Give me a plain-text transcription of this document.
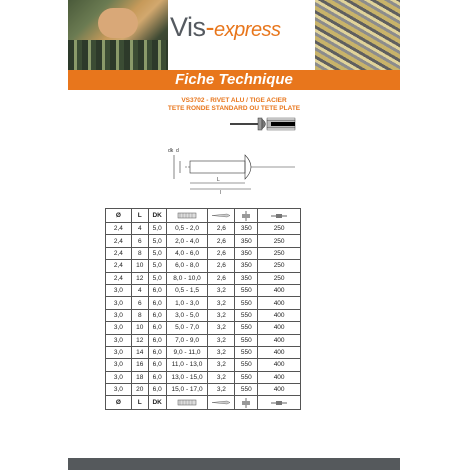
Vis-express
Fiche Technique
VS3702 - RIVET ALU / TIGE ACIER
TETE RONDE STANDARD OU TETE PLATE
d
dk
L
l
Ø	L	DK				
2,4	4	5,0	0,5 - 2,0	2,6	350	250
2,4	6	5,0	2,0 - 4,0	2,6	350	250
2,4	8	5,0	4,0 - 6,0	2,6	350	250
2,4	10	5,0	6,0 - 8,0	2,6	350	250
2,4	12	5,0	8,0 - 10,0	2,6	350	250
3,0	4	6,0	0,5 - 1,5	3,2	550	400
3,0	6	6,0	1,0 - 3,0	3,2	550	400
3,0	8	6,0	3,0 - 5,0	3,2	550	400
3,0	10	6,0	5,0 - 7,0	3,2	550	400
3,0	12	6,0	7,0 - 9,0	3,2	550	400
3,0	14	6,0	9,0 - 11,0	3,2	550	400
3,0	16	6,0	11,0 - 13,0	3,2	550	400
3,0	18	6,0	13,0 - 15,0	3,2	550	400
3,0	20	6,0	15,0 - 17,0	3,2	550	400
Ø	L	DK				
